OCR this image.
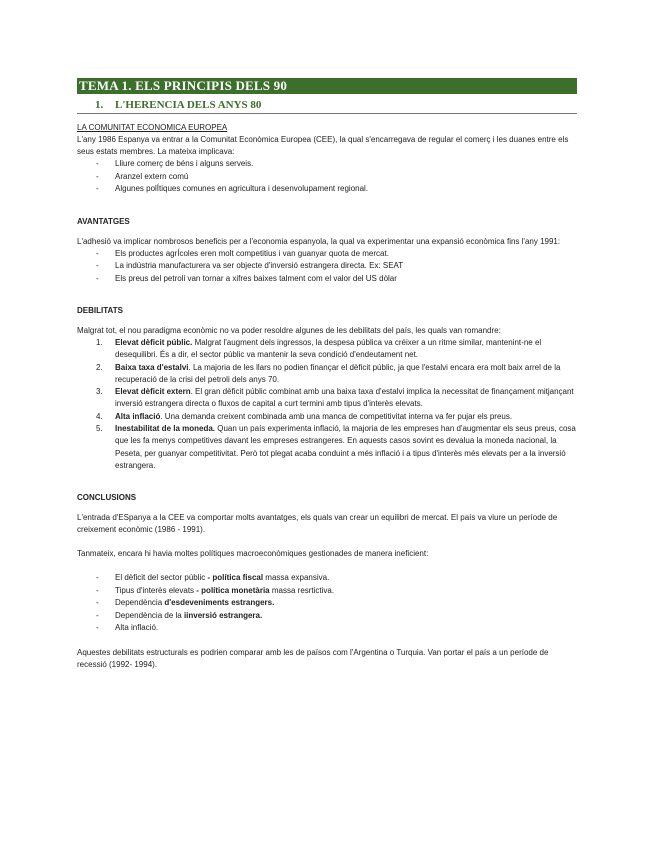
TEMA 1. ELS PRINCIPIS DELS 90
1. L'HERENCIA DELS ANYS 80

LA COMUNITAT ECONOMICA EUROPEA

L'any 1986 Espanya va entrar a la Comunitat Econòmica Europea (CEE), la qual s'encarregava de regular el comerç i les duanes entre els seus estats membres. La mateixa implicava:

- Lliure comerç de béns i alguns serveis.
- Aranzel extern comú
- Algunes polÍtiques comunes en agricultura i desenvolupament regional.

AVANTATGES

L'adhesió va implicar nombrosos beneficis per a l'economia espanyola, la qual va experimentar una expansió econòmica fins l'any 1991:

- Els productes agrÍcoles eren molt competitius i van guanyar quota de mercat.
- La indústria manufacturera va ser objecte d'inversió estrangera directa. Ex: SEAT
- Els preus del petroli van tornar a xifres baixes talment com el valor del US dòlar

DEBILITATS

Malgrat tot, el nou paradigma econòmic no va poder resoldre algunes de les debilitats del país, les quals van romandre:

1. Elevat dèficit públic. Malgrat l'augment dels ingressos, la despesa pública va créixer a un ritme similar, mantenint-ne el desequilibri. És a dir, el sector públic va mantenir la seva condició d'endeutament net.
2. Baixa taxa d'estalvi. La majoria de les llars no podien finançar el dèficit públic, ja que l'estalvi encara era molt baix arrel de la recuperació de la crisi del petroli dels anys 70.
3. Elevat dèficit extern. El gran dèficit públic combinat amb una baixa taxa d'estalvi implica la necessitat de finançament mitjançant inversió estrangera directa o fluxos de capital a curt termini amb tipus d'interès elevats.
4. Alta inflació. Una demanda creixent combinada amb una manca de competitivitat interna va fer pujar els preus.
5. Inestabilitat de la moneda. Quan un país experimenta inflació, la majoria de les empreses han d'augmentar els seus preus, cosa que les fa menys competitives davant les empreses estrangeres. En aquests casos sovint es devalua la moneda nacional, la Peseta, per guanyar competitivitat. Però tot plegat acaba conduint a més inflació i a tipus d'interès més elevats per a la inversió estrangera.

CONCLUSIONS

L'entrada d'ESpanya a la CEE va comportar molts avantatges, els quals van crear un equilibri de mercat. El país va viure un període de creixement econòmic (1986 - 1991).

Tanmateix, encara hi havia moltes polítiques macroeconòmiques gestionades de manera ineficient:

- El dèficit del sector públic - política fiscal massa expansiva.
- Tipus d'interès elevats - política monetària massa resrtictiva.
- Dependència d'esdeveniments estrangers.
- Dependència de la iinversió estrangera.
- Alta inflació.

Aquestes debilitats estructurals es podrien comparar amb les de països com l'Argentina o Turquia. Van portar el país a un període de recessió (1992- 1994).
